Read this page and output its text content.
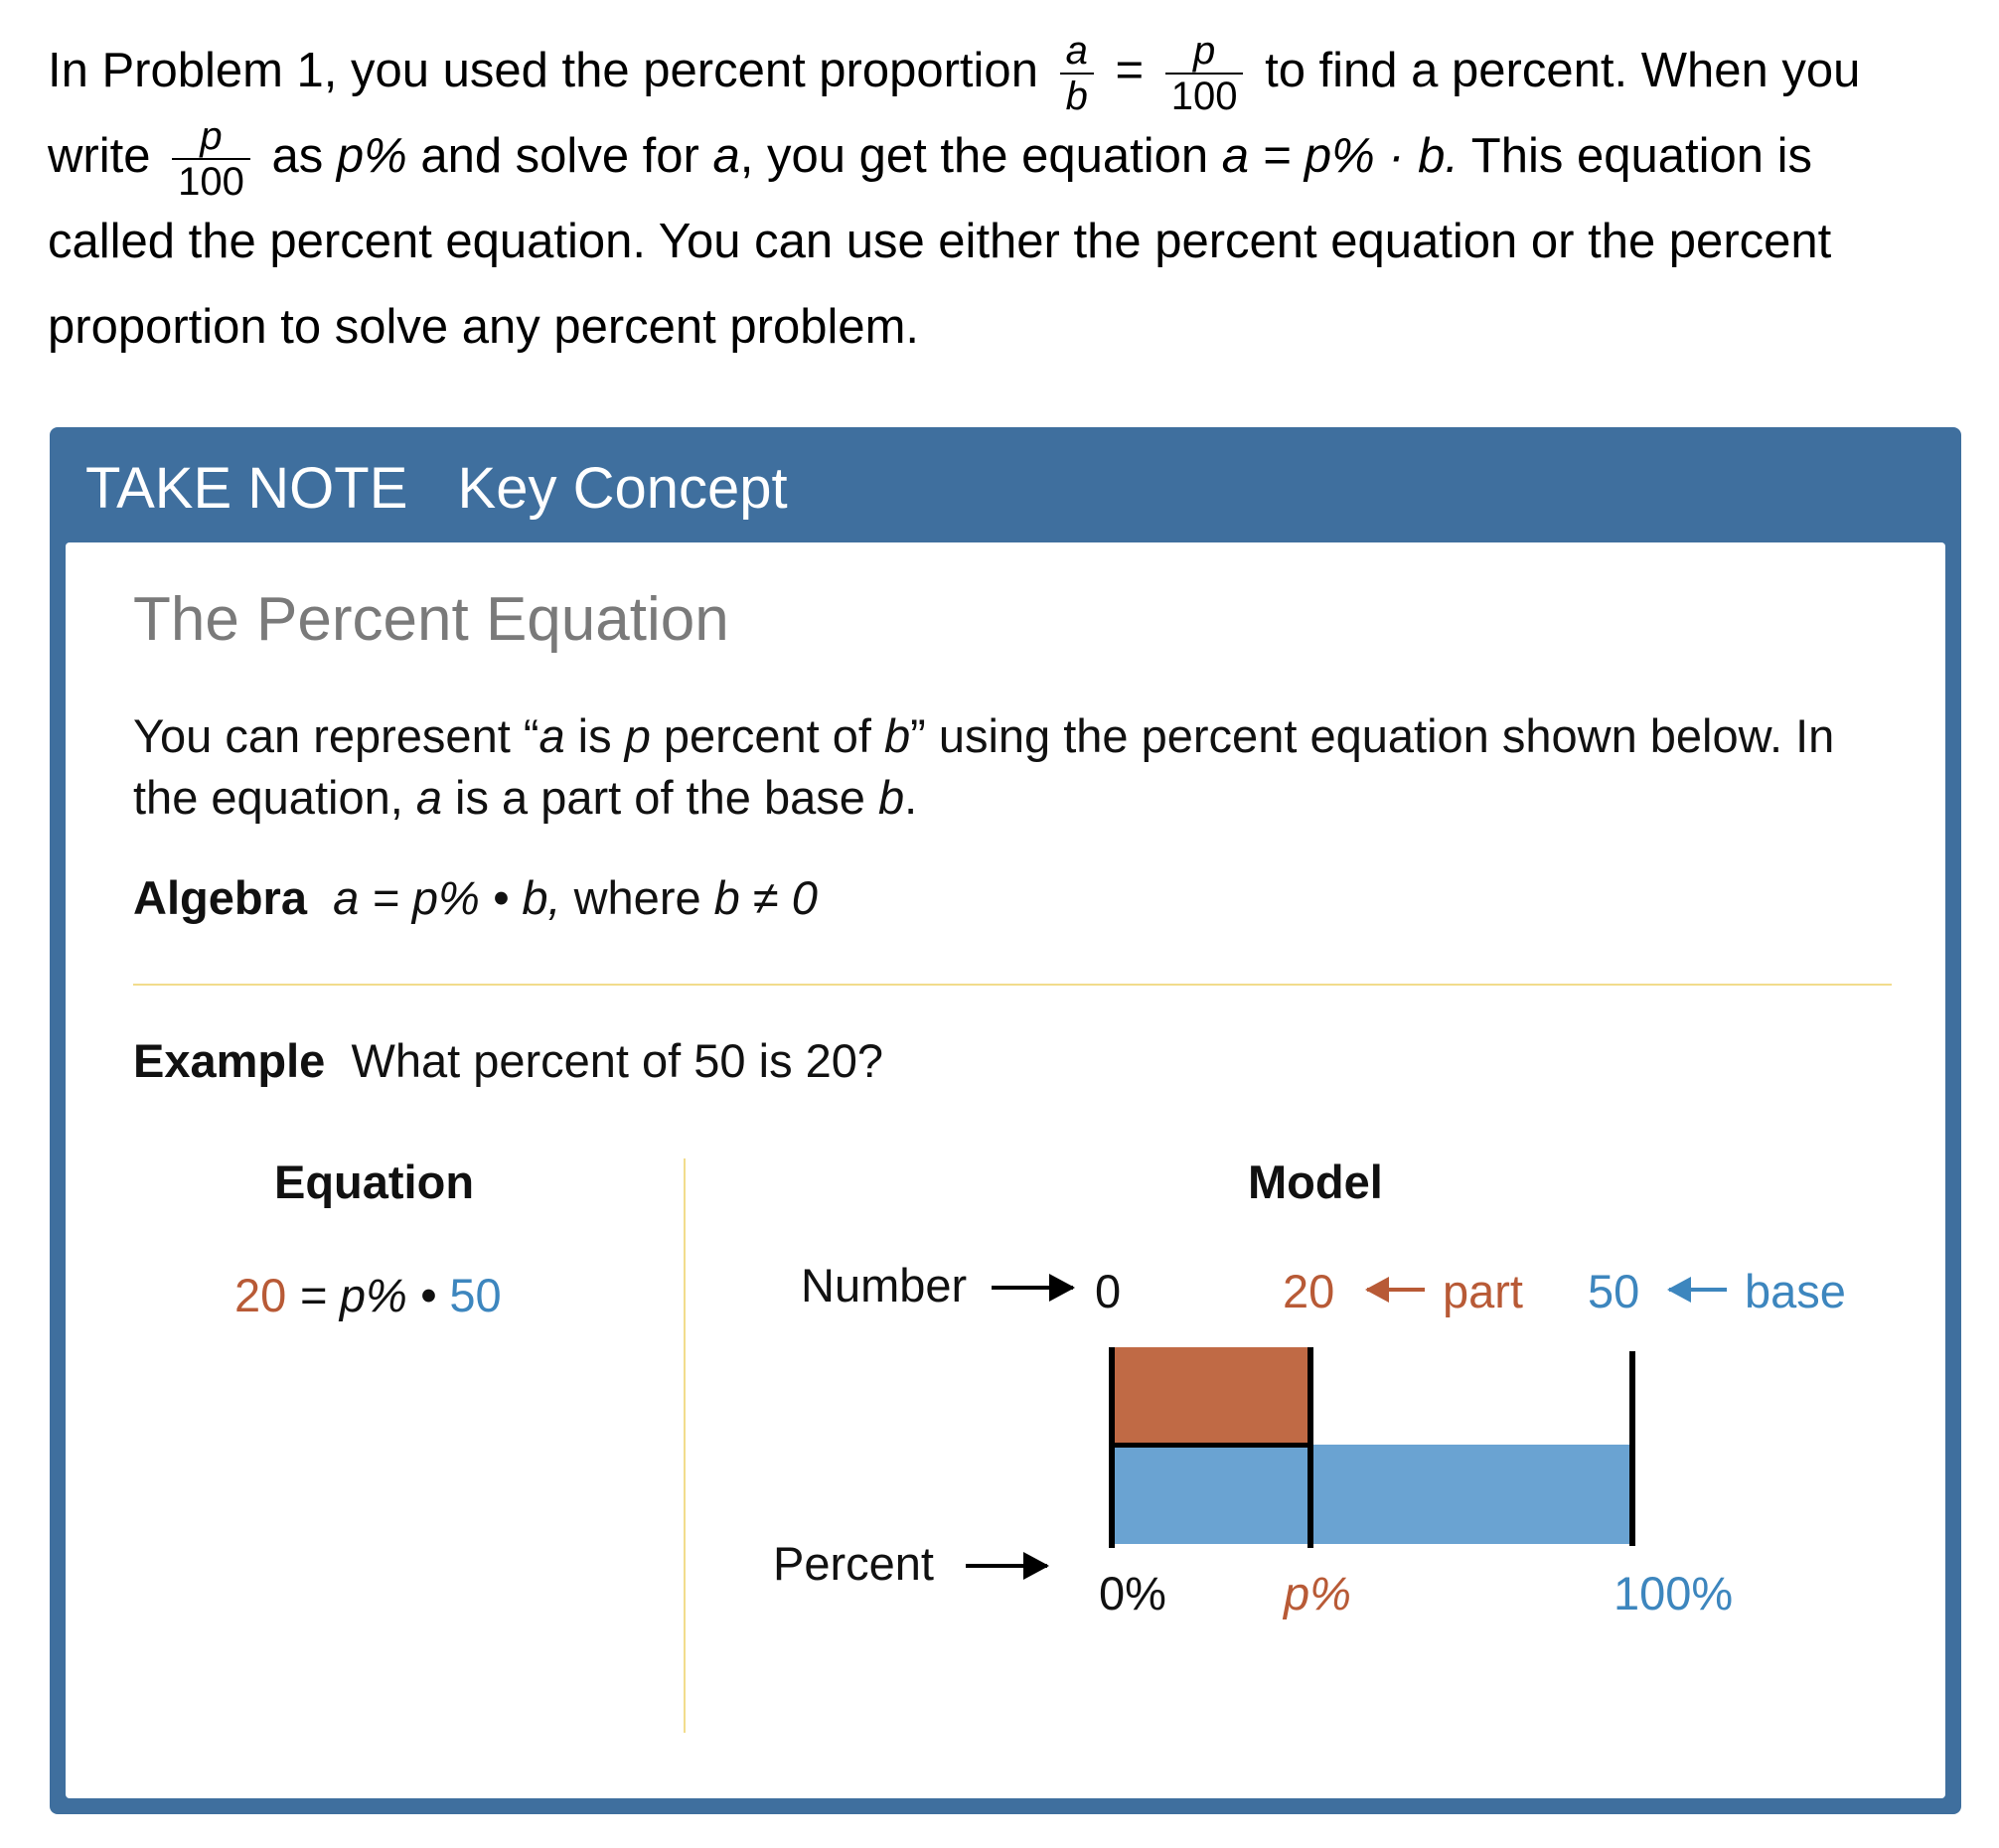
In Problem 1, you used the percent proportion $\frac{a}{b} = \frac{p}{100}$ to find a percent. When you
write $\frac{p}{100}$ as p% and solve for a, you get the equation a = p% · b. This equation is
called the percent equation. You can use either the percent equation or the percent
proportion to solve any percent problem.
TAKE NOTE Key Concept
The Percent Equation
You can represent “a is p percent of b” using the percent equation shown below. In the equation, a is a part of the base b.
Algebra a = p% • b, where b ≠ 0
Example What percent of 50 is 20?
Equation	Model
20 = p% • 50	Number	0	20 part 50 base
Percent
0%	p%	100%
